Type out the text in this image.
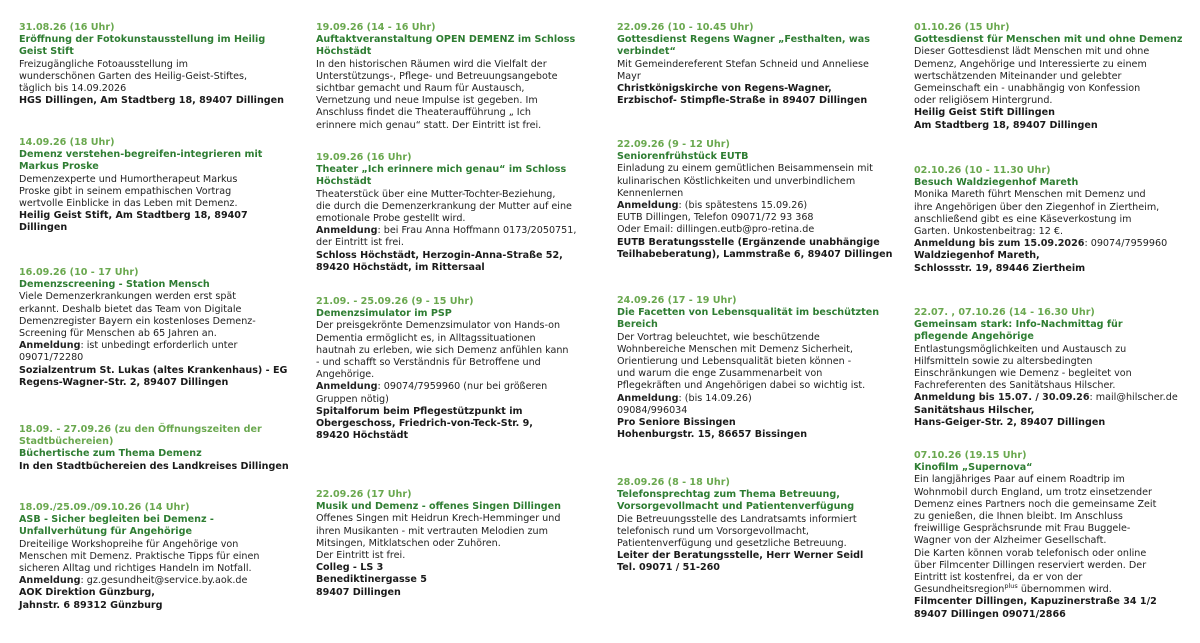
31.08.26 (16 Uhr)

Eröffnung der Fotokunstausstellung im Heilig

Geist Stift

Freizugängliche Fotoausstellung im

wunderschönen Garten des Heilig-Geist-Stiftes,

täglich bis 14.09.2026

HGS Dillingen, Am Stadtberg 18, 89407 Dillingen

14.09.26 (18 Uhr)

Demenz verstehen-begreifen-integrieren mit

Markus Proske

Demenzexperte und Humortherapeut Markus

Proske gibt in seinem empathischen Vortrag

wertvolle Einblicke in das Leben mit Demenz.

Heilig Geist Stift, Am Stadtberg 18, 89407

Dillingen

16.09.26 (10 - 17 Uhr)

Demenzscreening - Station Mensch

Viele Demenzerkrankungen werden erst spät

erkannt. Deshalb bietet das Team von Digitale

Demenzregister Bayern ein kostenloses Demenz-

Screening für Menschen ab 65 Jahren an.

Anmeldung: ist unbedingt erforderlich unter

09071/72280

Sozialzentrum St. Lukas (altes Krankenhaus) - EG

Regens-Wagner-Str. 2, 89407 Dillingen

18.09. - 27.09.26 (zu den Öffnungszeiten der

Stadtbüchereien)

Büchertische zum Thema Demenz

In den Stadtbüchereien des Landkreises Dillingen

18.09./25.09./09.10.26 (14 Uhr)

ASB - Sicher begleiten bei Demenz -

Unfallverhütung für Angehörige

Dreiteilige Workshopreihe für Angehörige von

Menschen mit Demenz. Praktische Tipps für einen

sicheren Alltag und richtiges Handeln im Notfall.

Anmeldung: gz.gesundheit@service.by.aok.de

AOK Direktion Günzburg,

Jahnstr. 6 89312 Günzburg

19.09.26 (14 - 16 Uhr)

Auftaktveranstaltung OPEN DEMENZ im Schloss

Höchstädt

In den historischen Räumen wird die Vielfalt der

Unterstützungs-, Pflege- und Betreuungsangebote

sichtbar gemacht und Raum für Austausch,

Vernetzung und neue Impulse ist gegeben. Im

Anschluss findet die Theateraufführung „ Ich

erinnere mich genau“ statt. Der Eintritt ist frei.

19.09.26 (16 Uhr)

Theater „Ich erinnere mich genau“ im Schloss

Höchstädt

Theaterstück über eine Mutter-Tochter-Beziehung,

die durch die Demenzerkrankung der Mutter auf eine

emotionale Probe gestellt wird.

Anmeldung: bei Frau Anna Hoffmann 0173/2050751,

der Eintritt ist frei.

Schloss Höchstädt, Herzogin-Anna-Straße 52,

89420 Höchstädt, im Rittersaal

21.09. - 25.09.26 (9 - 15 Uhr)

Demenzsimulator im PSP

Der preisgekrönte Demenzsimulator von Hands-on

Dementia ermöglicht es, in Alltagssituationen

hautnah zu erleben, wie sich Demenz anfühlen kann

- und schafft so Verständnis für Betroffene und

Angehörige.

Anmeldung: 09074/7959960 (nur bei größeren

Gruppen nötig)

Spitalforum beim Pflegestützpunkt im

Obergeschoss, Friedrich-von-Teck-Str. 9,

89420 Höchstädt

22.09.26 (17 Uhr)

Musik und Demenz - offenes Singen Dillingen

Offenes Singen mit Heidrun Krech-Hemminger und

ihren Musikanten - mit vertrauten Melodien zum

Mitsingen, Mitklatschen oder Zuhören.

Der Eintritt ist frei.

Colleg - LS 3

Benediktinergasse 5

89407 Dillingen

22.09.26 (10 - 10.45 Uhr)

Gottesdienst Regens Wagner „Festhalten, was

verbindet“

Mit Gemeindereferent Stefan Schneid und Anneliese

Mayr

Christkönigskirche von Regens-Wagner,

Erzbischof- Stimpfle-Straße in 89407 Dillingen

22.09.26 (9 - 12 Uhr)

Seniorenfrühstück EUTB

Einladung zu einem gemütlichen Beisammensein mit

kulinarischen Köstlichkeiten und unverbindlichem

Kennenlernen

Anmeldung: (bis spätestens 15.09.26)

EUTB Dillingen, Telefon 09071/72 93 368

Oder Email: dillingen.eutb@pro-retina.de

EUTB Beratungsstelle (Ergänzende unabhängige

Teilhabeberatung), Lammstraße 6, 89407 Dillingen

24.09.26 (17 - 19 Uhr)

Die Facetten von Lebensqualität im beschützten

Bereich

Der Vortrag beleuchtet, wie beschützende

Wohnbereiche Menschen mit Demenz Sicherheit,

Orientierung und Lebensqualität bieten können -

und warum die enge Zusammenarbeit von

Pflegekräften und Angehörigen dabei so wichtig ist.

Anmeldung: (bis 14.09.26)

09084/996034

Pro Seniore Bissingen

Hohenburgstr. 15, 86657 Bissingen

28.09.26 (8 - 18 Uhr)

Telefonsprechtag zum Thema Betreuung,

Vorsorgevollmacht und Patientenverfügung

Die Betreuungsstelle des Landratsamts informiert

telefonisch rund um Vorsorgevollmacht,

Patientenverfügung und gesetzliche Betreuung.

Leiter der Beratungsstelle, Herr Werner Seidl

Tel. 09071 / 51-260

01.10.26 (15 Uhr)

Gottesdienst für Menschen mit und ohne Demenz

Dieser Gottesdienst lädt Menschen mit und ohne

Demenz, Angehörige und Interessierte zu einem

wertschätzenden Miteinander und gelebter

Gemeinschaft ein - unabhängig von Konfession

oder religiösem Hintergrund.

Heilig Geist Stift Dillingen

Am Stadtberg 18, 89407 Dillingen

02.10.26 (10 - 11.30 Uhr)

Besuch Waldziegenhof Mareth

Monika Mareth führt Menschen mit Demenz und

ihre Angehörigen über den Ziegenhof in Ziertheim,

anschließend gibt es eine Käseverkostung im

Garten. Unkostenbeitrag: 12 €.

Anmeldung bis zum 15.09.2026: 09074/7959960

Waldziegenhof Mareth,

Schlossstr. 19, 89446 Ziertheim

22.07. , 07.10.26 (14 - 16.30 Uhr)

Gemeinsam stark: Info-Nachmittag für

pflegende Angehörige

Entlastungsmöglichkeiten und Austausch zu

Hilfsmitteln sowie zu altersbedingten

Einschränkungen wie Demenz - begleitet von

Fachreferenten des Sanitätshaus Hilscher.

Anmeldung bis 15.07. / 30.09.26: mail@hilscher.de

Sanitätshaus Hilscher,

Hans-Geiger-Str. 2, 89407 Dillingen

07.10.26 (19.15 Uhr)

Kinofilm „Supernova“

Ein langjähriges Paar auf einem Roadtrip im

Wohnmobil durch England, um trotz einsetzender

Demenz eines Partners noch die gemeinsame Zeit

zu genießen, die Ihnen bleibt. Im Anschluss

freiwillige Gesprächsrunde mit Frau Buggele-

Wagner von der Alzheimer Gesellschaft.

Die Karten können vorab telefonisch oder online

über Filmcenter Dillingen reserviert werden. Der

Eintritt ist kostenfrei, da er von der

Gesundheitsregion$^{plus}$ übernommen wird.

Filmcenter Dillingen, Kapuzinerstraße 34 1/2

89407 Dillingen 09071/2866
